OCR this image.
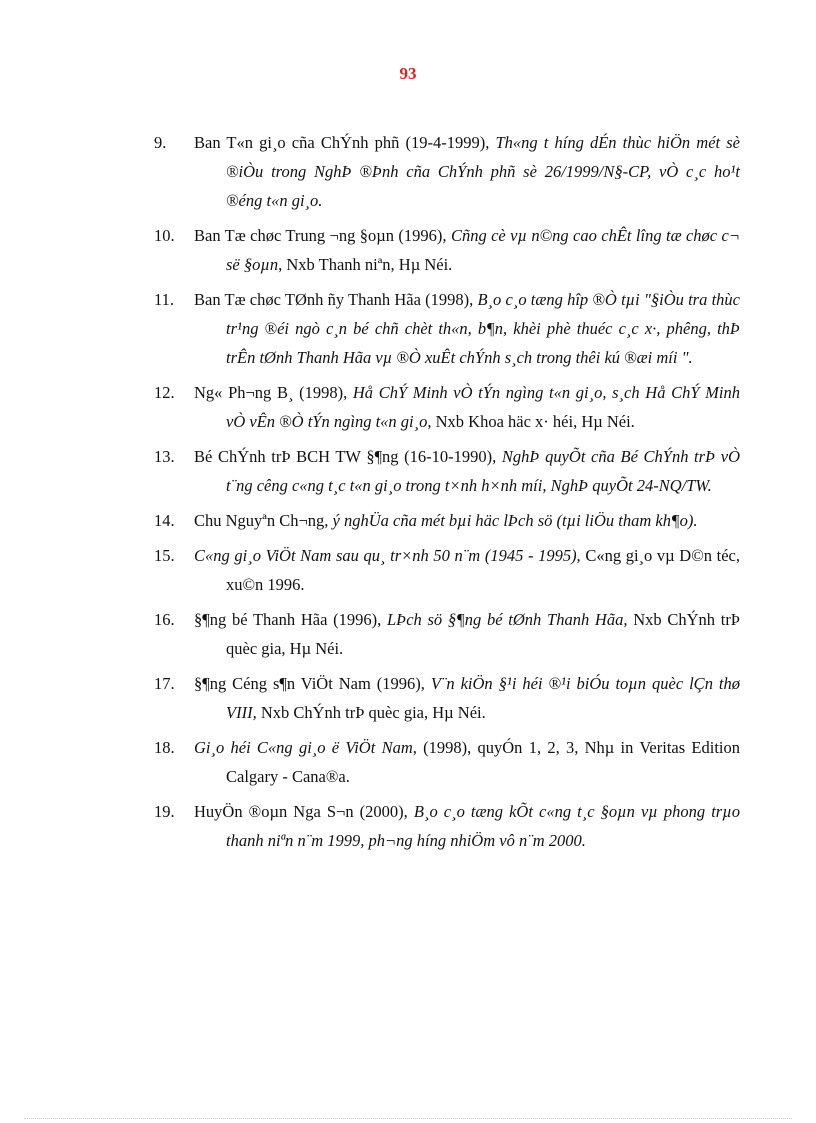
93
9. Ban T«n gi¸o cña ChÝnh phñ (19-4-1999), Th«ng t híng dÉn thùc hiÖn mét sè ®iÒu trong NghÞ ®Þnh cña ChÝnh phñ sè 26/1999/N§-CP, vÒ c¸c ho¹t ®éng t«n gi¸o.
10. Ban Tæ chøc Trung ¬ng §oµn (1996), Cñng cè vµ n©ng cao chÊt lîng tæ chøc c¬ së §oµn, Nxb Thanh niªn, Hµ Néi.
11. Ban Tæ chøc TØnh ñy Thanh Hãa (1998), B¸o c¸o tæng hîp ®Ò tµi "§iÒu tra thùc tr¹ng ®éi ngò c¸n bé chñ chèt th«n, b¶n, khèi phè thuéc c¸c x·, phêng, thÞ trÊn tØnh Thanh Hãa vµ ®Ò xuÊt chÝnh s¸ch trong thêi kú ®æi míi ".
12. Ng« Ph¬ng B¸ (1998), Hå ChÝ Minh vÒ tÝn ngìng t«n gi¸o, s¸ch Hå ChÝ Minh vÒ vÊn ®Ò tÝn ngìng t«n gi¸o, Nxb Khoa häc x· héi, Hµ Néi.
13. Bé ChÝnh trÞ BCH TW §¶ng (16-10-1990), NghÞ quyÕt cña Bé ChÝnh trÞ vÒ t¨ng cêng c«ng t¸c t«n gi¸o trong t×nh h×nh míi, NghÞ quyÕt 24-NQ/TW.
14. Chu Nguyªn Ch¬ng, ý nghÜa cña mét bµi häc lÞch sö (tµi liÖu tham kh¶o).
15. C«ng gi¸o ViÖt Nam sau qu¸ tr×nh 50 n¨m (1945 - 1995), C«ng gi¸o vµ D©n téc, xu©n 1996.
16. §¶ng bé Thanh Hãa (1996), LÞch sö §¶ng bé tØnh Thanh Hãa, Nxb ChÝnh trÞ quèc gia, Hµ Néi.
17. §¶ng Céng s¶n ViÖt Nam (1996), V¨n kiÖn §¹i héi ®¹i biÓu toµn quèc lÇn thø VIII, Nxb ChÝnh trÞ quèc gia, Hµ Néi.
18. Gi¸o héi C«ng gi¸o ë ViÖt Nam, (1998), quyÓn 1, 2, 3, Nhµ in Veritas Edition Calgary - Cana®a.
19. HuyÖn ®oµn Nga S¬n (2000), B¸o c¸o tæng kÕt c«ng t¸c §oµn vµ phong trµo thanh niªn n¨m 1999, ph¬ng híng nhiÖm vô n¨m 2000.
